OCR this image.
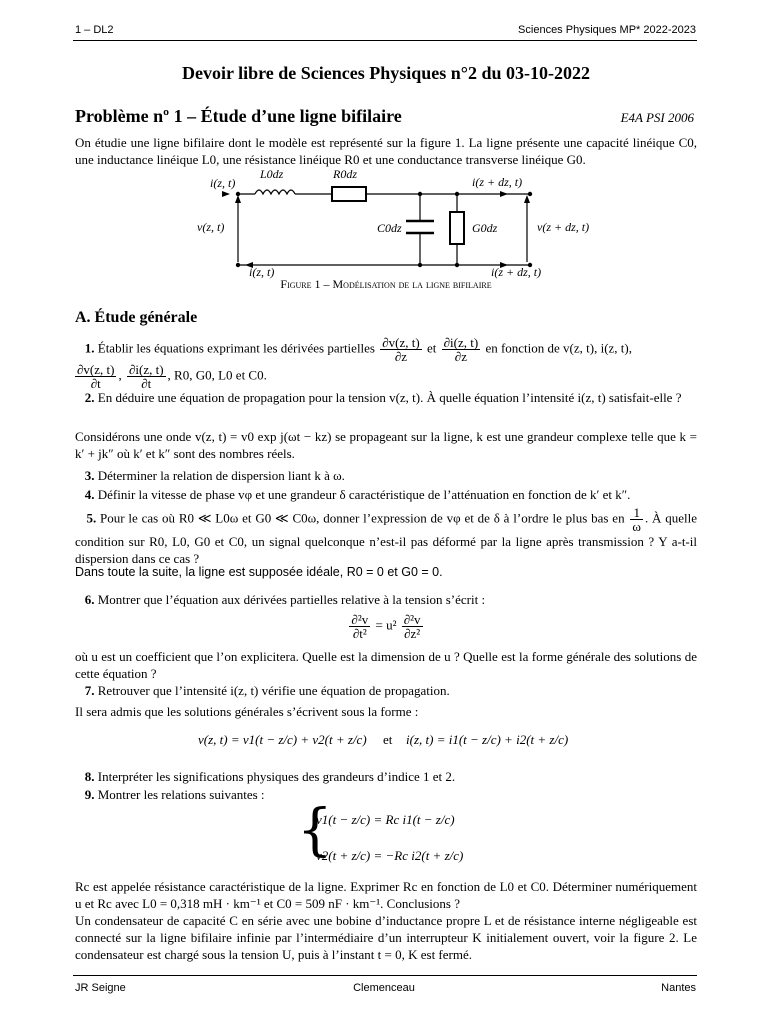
1 – DL2	Sciences Physiques MP* 2022-2023
Devoir libre de Sciences Physiques n°2 du 03-10-2022
Problème nº 1 – Étude d’une ligne bifilaire	E4A PSI 2006
On étudie une ligne bifilaire dont le modèle est représenté sur la figure 1. La ligne présente une capacité linéique C0, une inductance linéique L0, une résistance linéique R0 et une conductance transverse linéique G0.
i(z, t)
L0dz	R0dz
i(z + dz, t)
v(z, t)	C0dz	G0dz	v(z + dz, t)
i(z, t)	i(z + dz, t)
Figure 1 – Modélisation de la ligne bifilaire
A. Étude générale
1. Établir les équations exprimant les dérivées partielles $\frac{\partial v(z, t)}{\partial z}$ et $\frac{\partial i(z, t)}{\partial z}$ en fonction de v(z, t), i(z, t),

$\frac{\partial v(z, t)}{\partial t}$ , $\frac{\partial i(z, t)}{\partial t}$ , R0, G0, L0 et C0.
2. En déduire une équation de propagation pour la tension v(z, t). À quelle équation l’intensité i(z, t) satisfait-elle ?
Considérons une onde v(z, t) = v0 exp j(ωt − kz) se propageant sur la ligne, k est une grandeur complexe telle que k = k′ + jk″ où k′ et k″ sont des nombres réels.
3. Déterminer la relation de dispersion liant k à ω.
4. Définir la vitesse de phase vφ et une grandeur δ caractéristique de l’atténuation en fonction de k′ et k″.
5. Pour le cas où R0 ≪ L0ω et G0 ≪ C0ω, donner l’expression de vφ et de δ à l’ordre le plus bas en $\frac{1}{\omega}$ . À quelle condition sur R0, L0, G0 et C0, un signal quelconque n’est-il pas déformé par la ligne après transmission ? Y a-t-il dispersion dans ce cas ?
Dans toute la suite, la ligne est supposée idéale, R0 = 0 et G0 = 0.
6. Montrer que l’équation aux dérivées partielles relative à la tension s’écrit :
$\frac{\text{∂²v}}{\text{∂t²}} = u^2 \frac{\text{∂²v}}{\text{∂z²}}$
où u est un coefficient que l’on explicitera. Quelle est la dimension de u ? Quelle est la forme générale des solutions de cette équation ?
7. Retrouver que l’intensité i(z, t) vérifie une équation de propagation.
Il sera admis que les solutions générales s’écrivent sous la forme :
v(z, t) = v1(t − z/c) + v2(t + z/c) et i(z, t) = i1(t − z/c) + i2(t + z/c)
8. Interpréter les significations physiques des grandeurs d’indice 1 et 2.
9. Montrer les relations suivantes :
{
v1(t − z/c) = Rc i1(t − z/c)
v2(t + z/c) = −Rc i2(t + z/c)
Rc est appelée résistance caractéristique de la ligne. Exprimer Rc en fonction de L0 et C0. Déterminer numériquement u et Rc avec L0 = 0,318 mH · km⁻¹ et C0 = 509 nF · km⁻¹. Conclusions ?
Un condensateur de capacité C en série avec une bobine d’inductance propre L et de résistance interne négligeable est connecté sur la ligne bifilaire infinie par l’intermédiaire d’un interrupteur K initialement ouvert, voir la figure 2. Le condensateur est chargé sous la tension U, puis à l’instant t = 0, K est fermé.
JR Seigne	Clemenceau	Nantes
